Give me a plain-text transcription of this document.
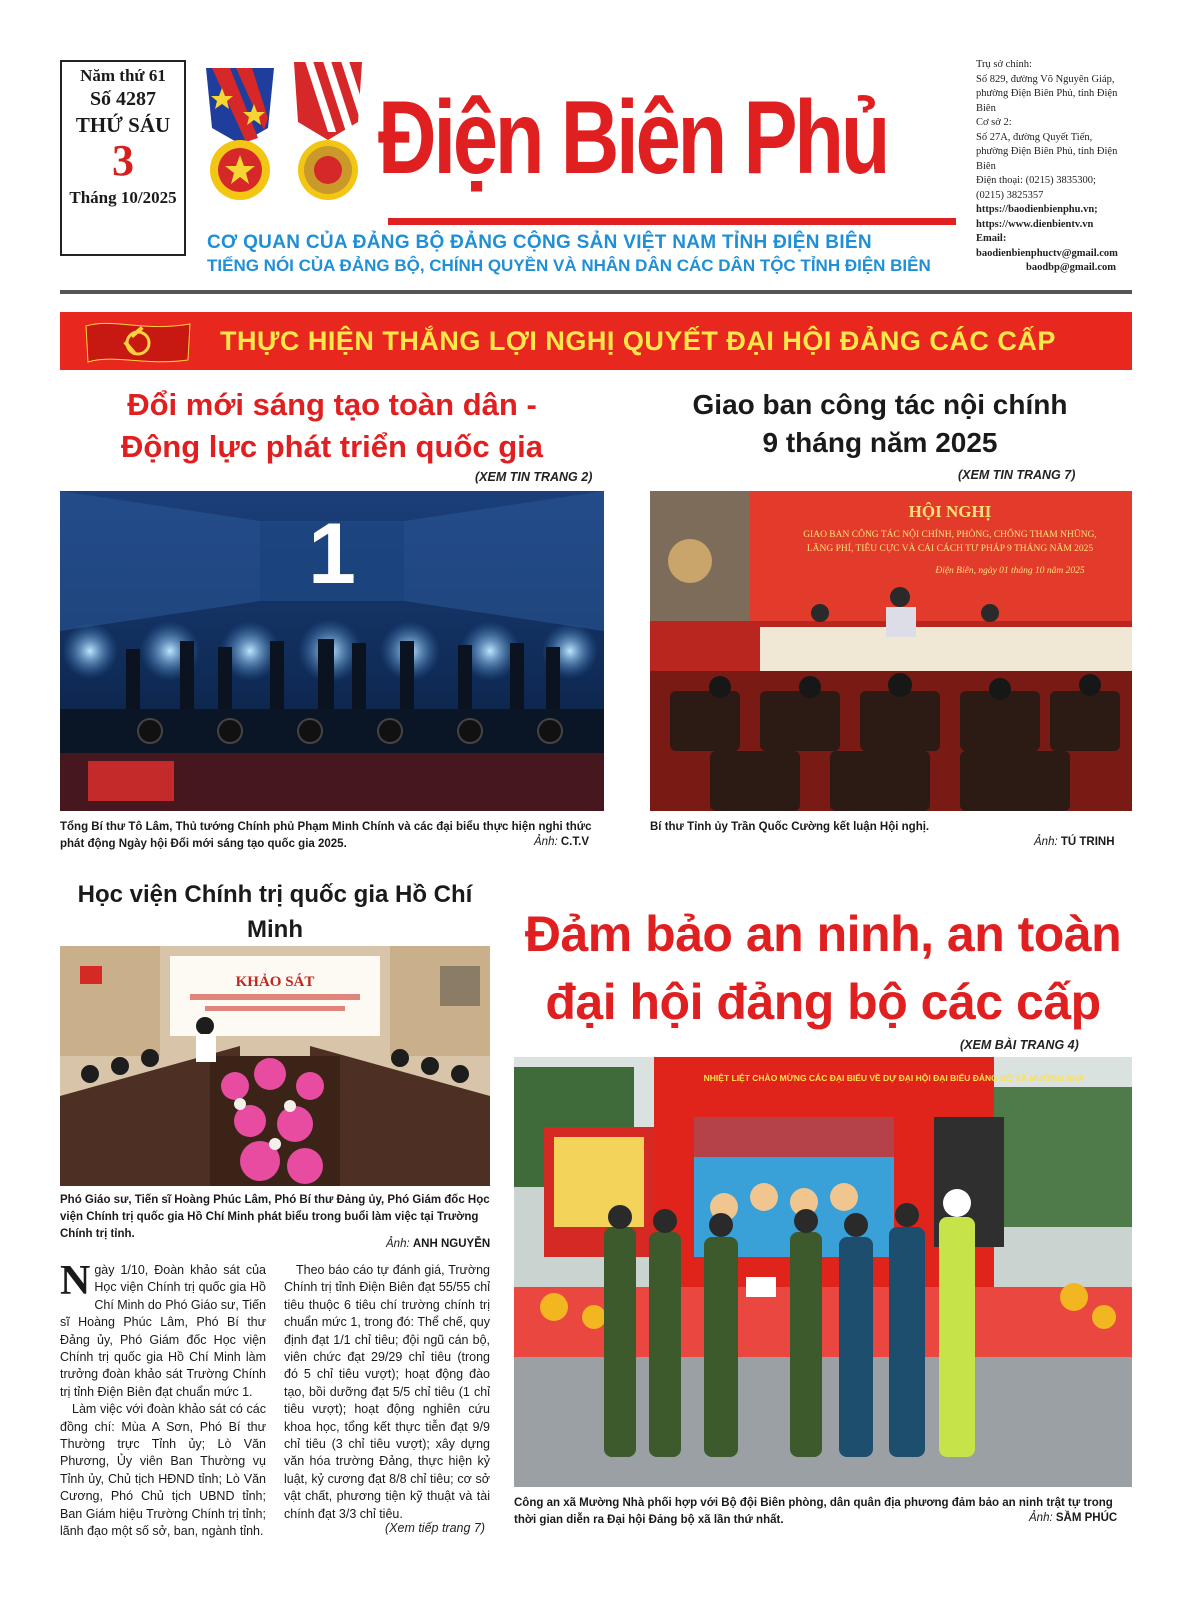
Năm thứ 61
Số 4287
THỨ SÁU
3
Tháng 10/2025
Điện Biên Phủ
CƠ QUAN CỦA ĐẢNG BỘ ĐẢNG CỘNG SẢN VIỆT NAM TỈNH ĐIỆN BIÊN
TIẾNG NÓI CỦA ĐẢNG BỘ, CHÍNH QUYỀN VÀ NHÂN DÂN CÁC DÂN TỘC TỈNH ĐIỆN BIÊN
Trụ sở chính:
Số 829, đường Võ Nguyên Giáp,
phường Điện Biên Phủ, tỉnh Điện Biên
Cơ sở 2:
Số 27A, đường Quyết Tiến,
phường Điện Biên Phủ, tỉnh Điện Biên
Điện thoại: (0215) 3835300;
(0215) 3825357
https://baodienbienphu.vn;
https://www.dienbientv.vn
Email: baodienbienphuctv@gmail.com
baodbp@gmail.com
THỰC HIỆN THẮNG LỢI NGHỊ QUYẾT ĐẠI HỘI ĐẢNG CÁC CẤP
Đổi mới sáng tạo toàn dân -
Động lực phát triển quốc gia
(XEM TIN TRANG 2)
1
Tổng Bí thư Tô Lâm, Thủ tướng Chính phủ Phạm Minh Chính và các đại biểu thực hiện nghi thức phát động Ngày hội Đổi mới sáng tạo quốc gia 2025.	Ảnh: C.T.V
Giao ban công tác nội chính
9 tháng năm 2025
(XEM TIN TRANG 7)
HỘI NGHỊ
GIAO BAN CÔNG TÁC NỘI CHÍNH, PHÒNG, CHỐNG THAM NHŨNG,
LÃNG PHÍ, TIÊU CỰC VÀ CẢI CÁCH TƯ PHÁP 9 THÁNG NĂM 2025
Điện Biên, ngày 01 tháng 10 năm 2025
Bí thư Tỉnh ủy Trần Quốc Cường kết luận Hội nghị.
Ảnh: TÚ TRINH
Học viện Chính trị quốc gia Hồ Chí Minh
KHẢO SÁT
Phó Giáo sư, Tiến sĩ Hoàng Phúc Lâm, Phó Bí thư Đảng ủy, Phó Giám đốc Học viện Chính trị quốc gia Hồ Chí Minh phát biểu trong buổi làm việc tại Trường Chính trị tỉnh.
Ảnh: ANH NGUYỄN

Ngày 1/10, Đoàn khảo sát của Học viện Chính trị quốc gia Hồ Chí Minh do Phó Giáo sư, Tiến sĩ Hoàng Phúc Lâm, Phó Bí thư Đảng ủy, Phó Giám đốc Học viện Chính trị quốc gia Hồ Chí Minh làm trưởng đoàn khảo sát Trường Chính trị tỉnh Điện Biên đạt chuẩn mức 1.

Làm việc với đoàn khảo sát có các đồng chí: Mùa A Sơn, Phó Bí thư Thường trực Tỉnh ủy; Lò Văn Phương, Ủy viên Ban Thường vụ Tỉnh ủy, Chủ tịch HĐND tỉnh; Lò Văn Cương, Phó Chủ tịch UBND tỉnh; Ban Giám hiệu Trường Chính trị tỉnh; lãnh đạo một số sở, ban, ngành tỉnh.

Theo báo cáo tự đánh giá, Trường Chính trị tỉnh Điện Biên đạt 55/55 chỉ tiêu thuộc 6 tiêu chí trường chính trị chuẩn mức 1, trong đó: Thể chế, quy định đạt 1/1 chỉ tiêu; đội ngũ cán bộ, viên chức đạt 29/29 chỉ tiêu (trong đó 5 chỉ tiêu vượt); hoạt động đào tạo, bồi dưỡng đạt 5/5 chỉ tiêu (1 chỉ tiêu vượt); hoạt động nghiên cứu khoa học, tổng kết thực tiễn đạt 9/9 chỉ tiêu (3 chỉ tiêu vượt); xây dựng văn hóa trường Đảng, thực hiện kỷ luật, kỷ cương đạt 8/8 chỉ tiêu; cơ sở vật chất, phương tiện kỹ thuật và tài chính đạt 3/3 chỉ tiêu.

(Xem tiếp trang 7)
Đảm bảo an ninh, an toàn
đại hội đảng bộ các cấp
(XEM BÀI TRANG 4)
NHIỆT LIỆT CHÀO MỪNG CÁC ĐẠI BIỂU VỀ DỰ ĐẠI HỘI ĐẠI BIỂU ĐẢNG BỘ XÃ MƯỜNG NHÀ
Công an xã Mường Nhà phối hợp với Bộ đội Biên phòng, dân quân địa phương đảm bảo an ninh trật tự trong thời gian diễn ra Đại hội Đảng bộ xã lần thứ nhất.	Ảnh: SẦM PHÚC
